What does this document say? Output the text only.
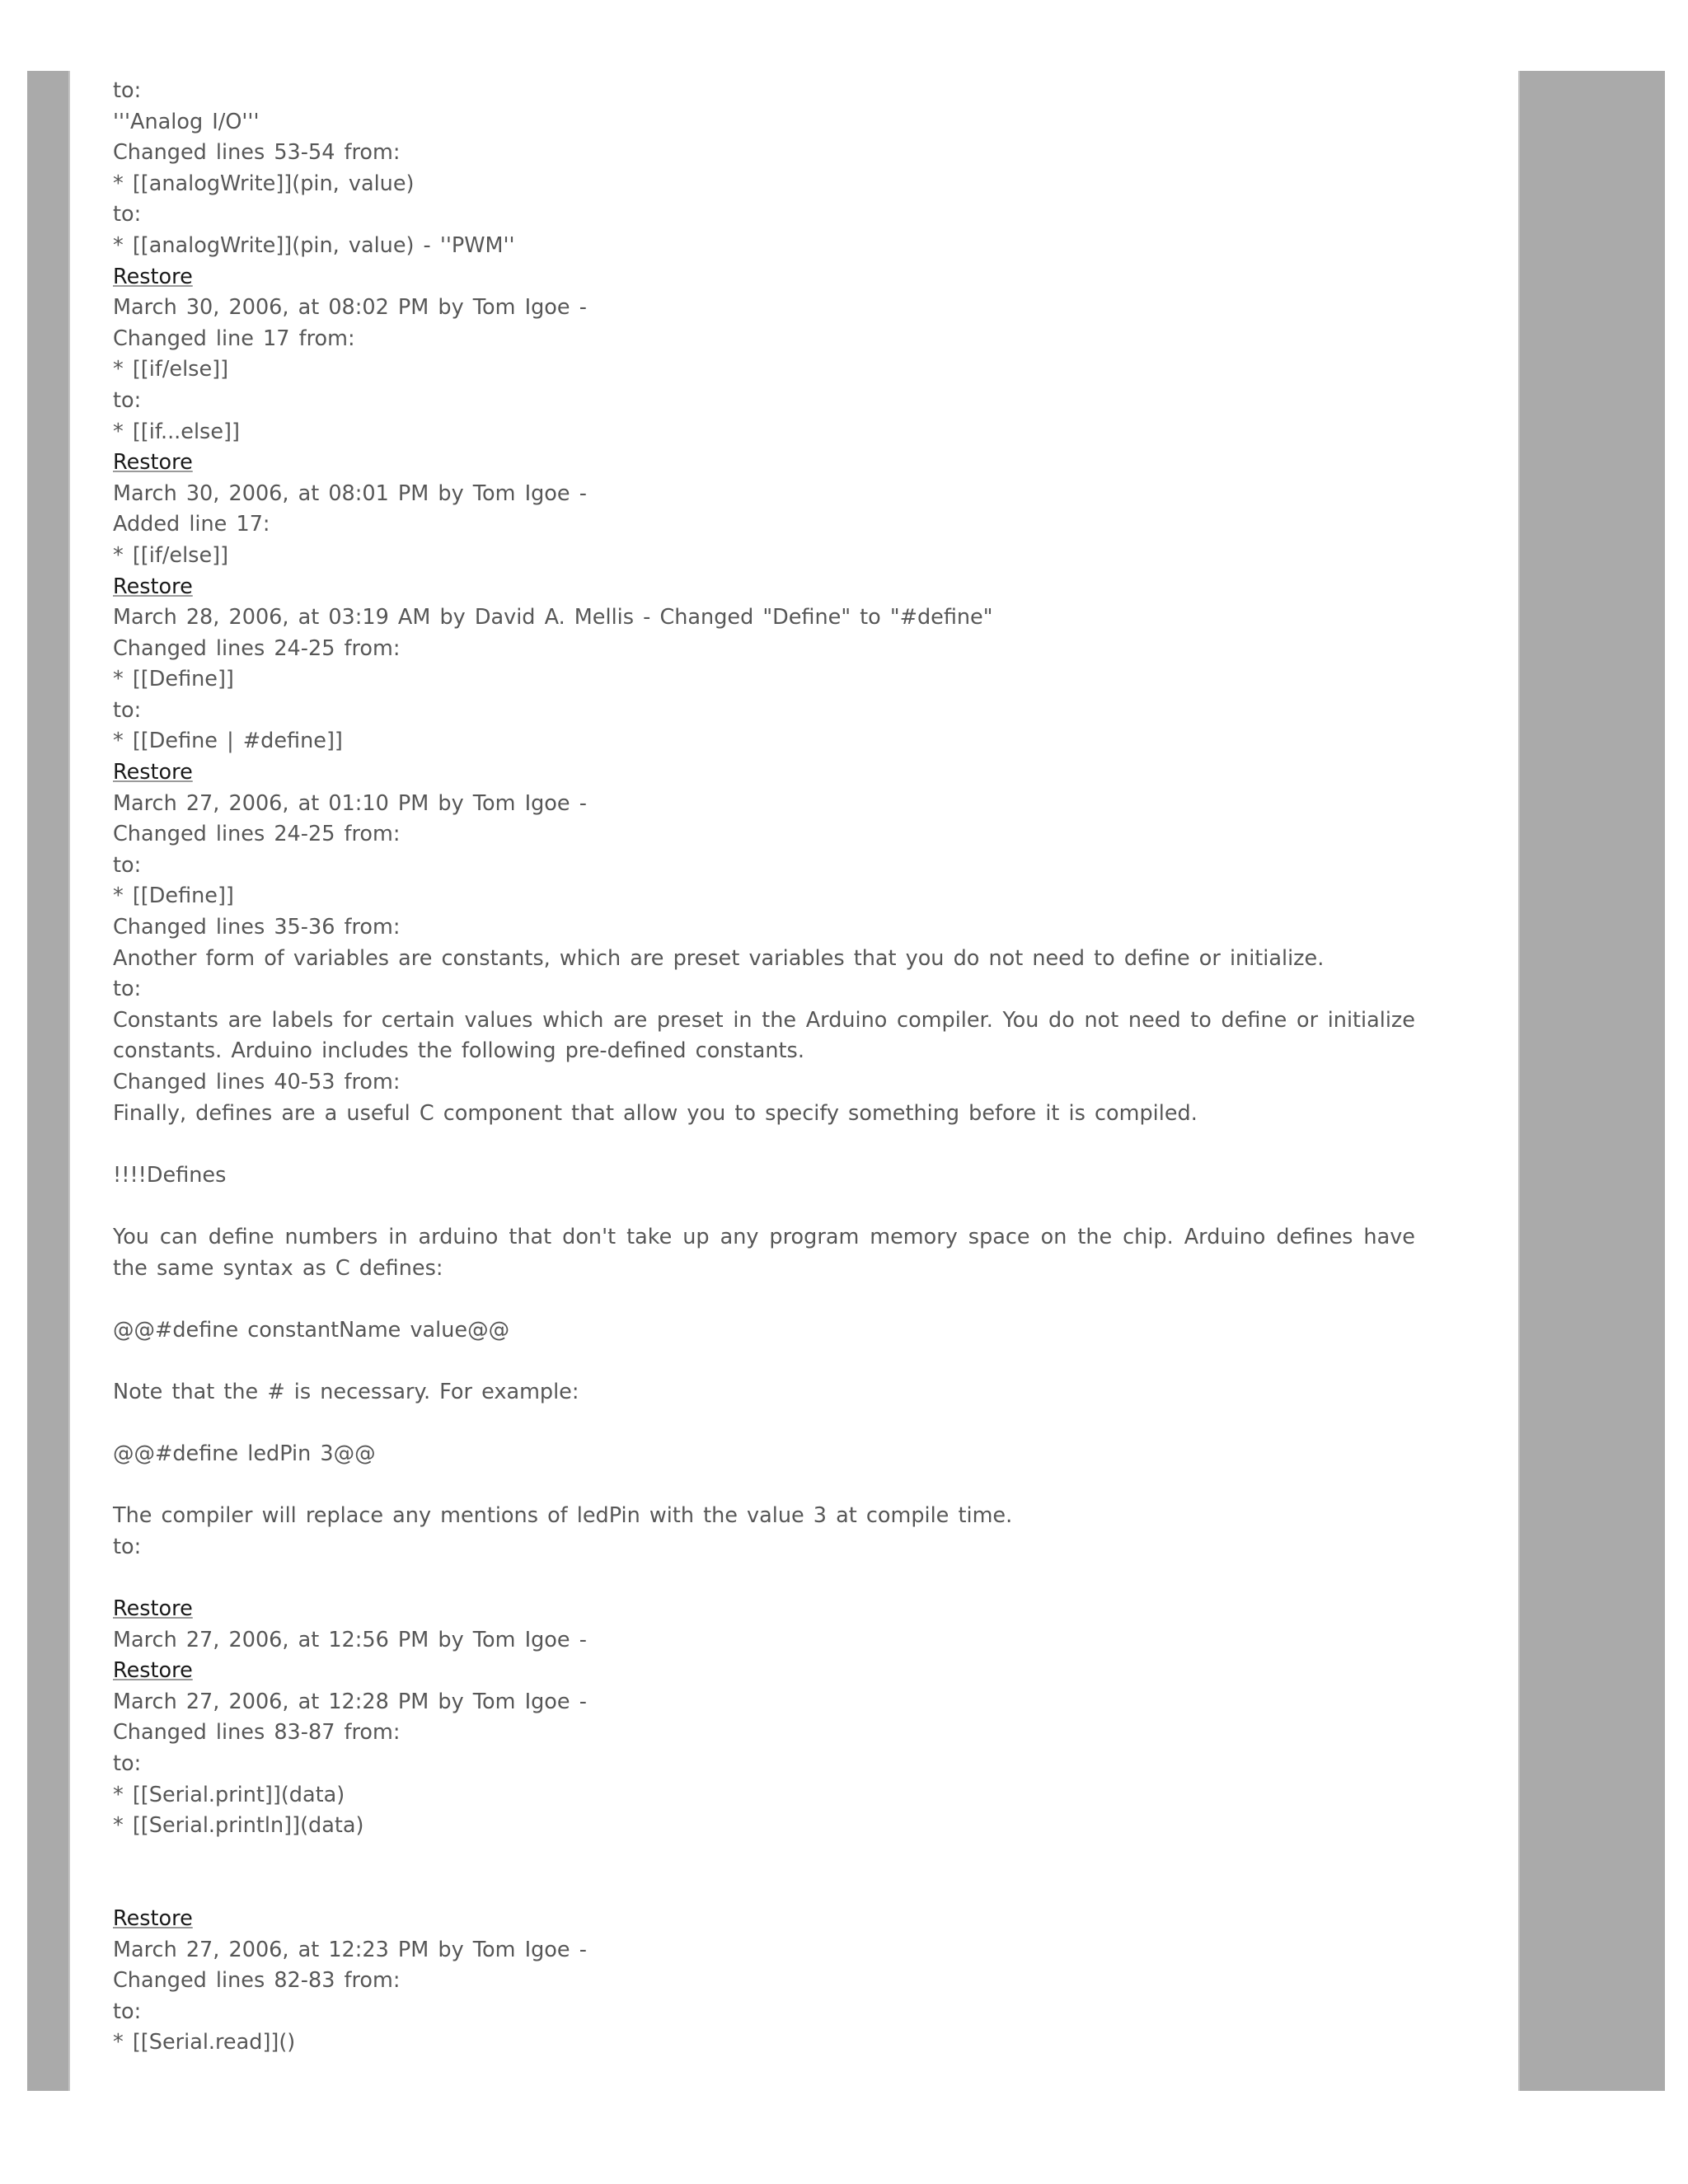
to:
'''Analog I/O'''
Changed lines 53-54 from:
* [[analogWrite]](pin, value)
to:
* [[analogWrite]](pin, value) - ''PWM''
Restore
March 30, 2006, at 08:02 PM by Tom Igoe -
Changed line 17 from:
* [[if/else]]
to:
* [[if...else]]
Restore
March 30, 2006, at 08:01 PM by Tom Igoe -
Added line 17:
* [[if/else]]
Restore
March 28, 2006, at 03:19 AM by David A. Mellis - Changed "Define" to "#define"
Changed lines 24-25 from:
* [[Define]]
to:
* [[Define | #define]]
Restore
March 27, 2006, at 01:10 PM by Tom Igoe -
Changed lines 24-25 from:
to:
* [[Define]]
Changed lines 35-36 from:
Another form of variables are constants, which are preset variables that you do not need to define or initialize.
to:
Constants are labels for certain values which are preset in the Arduino compiler. You do not need to define or initialize constants. Arduino includes the following pre-defined constants.
Changed lines 40-53 from:
Finally, defines are a useful C component that allow you to specify something before it is compiled.
!!!!Defines
You can define numbers in arduino that don't take up any program memory space on the chip. Arduino defines have the same syntax as C defines:
@@#define constantName value@@
Note that the # is necessary. For example:
@@#define ledPin 3@@
The compiler will replace any mentions of ledPin with the value 3 at compile time.
to:
Restore
March 27, 2006, at 12:56 PM by Tom Igoe -
Restore
March 27, 2006, at 12:28 PM by Tom Igoe -
Changed lines 83-87 from:
to:
* [[Serial.print]](data)
* [[Serial.println]](data)
Restore
March 27, 2006, at 12:23 PM by Tom Igoe -
Changed lines 82-83 from:
to:
* [[Serial.read]]()
